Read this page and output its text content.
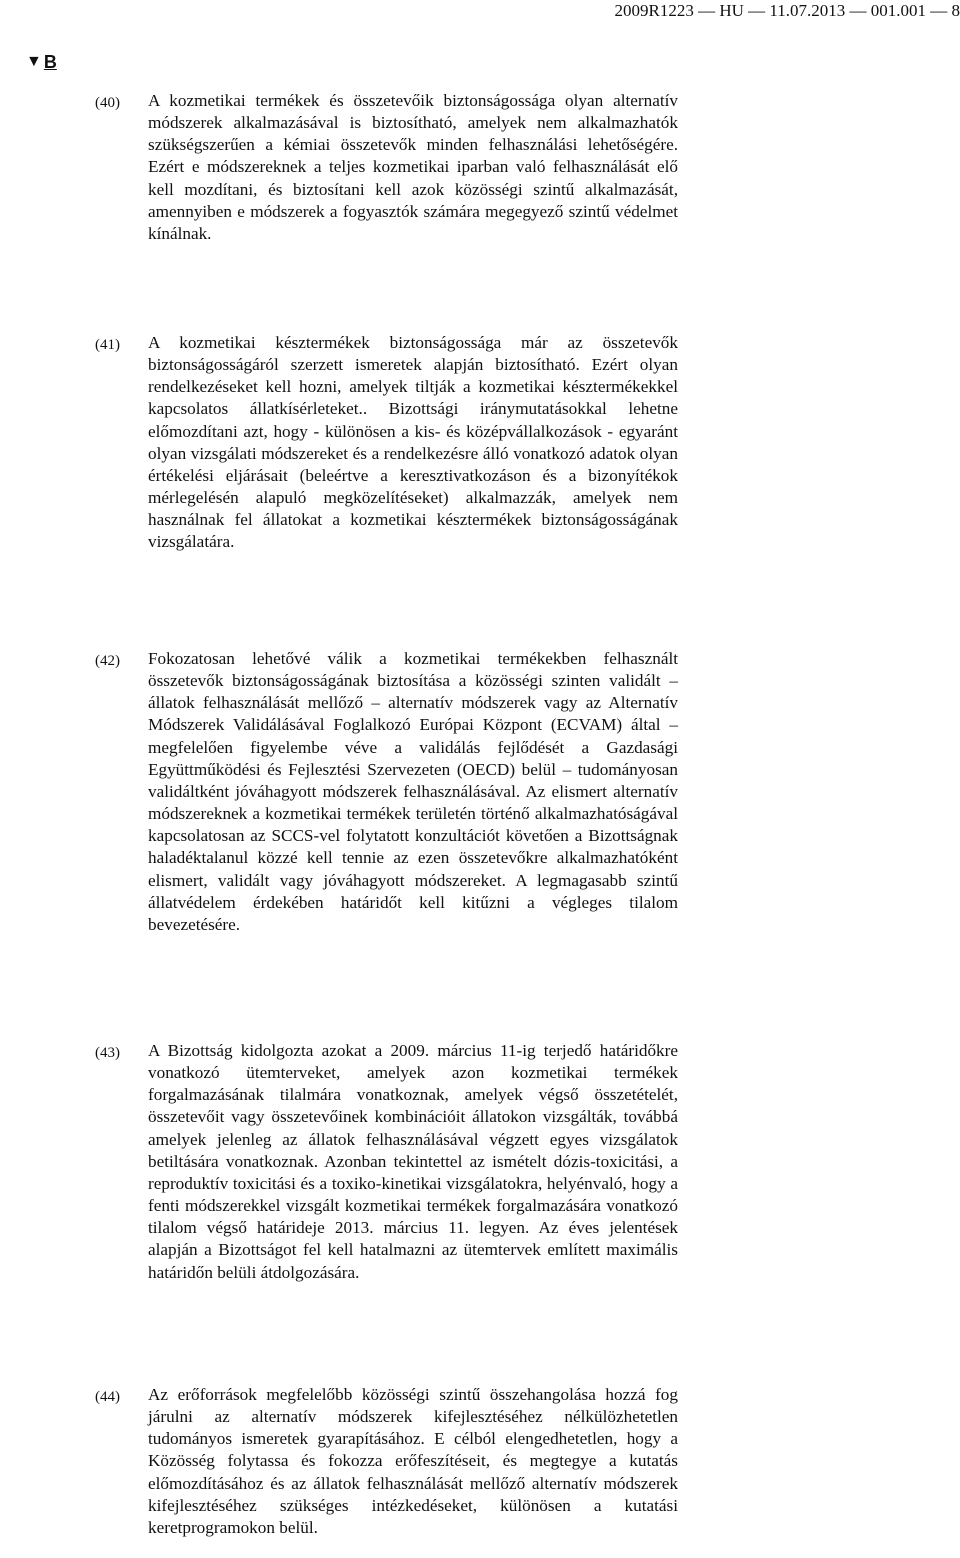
2009R1223 — HU — 11.07.2013 — 001.001 — 8
▼ B
(40) A kozmetikai termékek és összetevőik biztonságossága olyan alternatív módszerek alkalmazásával is biztosítható, amelyek nem alkalmazhatók szükségszerűen a kémiai összetevők minden felhasználási lehetőségére. Ezért e módszereknek a teljes kozmetikai iparban való felhasználását elő kell mozdítani, és biztosítani kell azok közösségi szintű alkalmazását, amennyiben e módszerek a fogyasztók számára megegyező szintű védelmet kínálnak.

(41) A kozmetikai késztermékek biztonságossága már az összetevők biztonságosságáról szerzett ismeretek alapján biztosítható. Ezért olyan rendelkezéseket kell hozni, amelyek tiltják a kozmetikai késztermékekkel kapcsolatos állatkísérleteket.. Bizottsági iránymutatásokkal lehetne előmozdítani azt, hogy - különösen a kis- és középvállalkozások - egyaránt olyan vizsgálati módszereket és a rendelkezésre álló vonatkozó adatok olyan értékelési eljárásait (beleértve a keresztivatkozáson és a bizonyítékok mérlegelésén alapuló megközelítéseket) alkalmazzák, amelyek nem használnak fel állatokat a kozmetikai késztermékek biztonságosságának vizsgálatára.

(42) Fokozatosan lehetővé válik a kozmetikai termékekben felhasznált összetevők biztonságosságának biztosítása a közösségi szinten validált – állatok felhasználását mellőző – alternatív módszerek vagy az Alternatív Módszerek Validálásával Foglalkozó Európai Központ (ECVAM) által – megfelelően figyelembe véve a validálás fejlődését a Gazdasági Együttműködési és Fejlesztési Szervezeten (OECD) belül – tudományosan validáltként jóváhagyott módszerek felhasználásával. Az elismert alternatív módszereknek a kozmetikai termékek területén történő alkalmazhatóságával kapcsolatosan az SCCS-vel folytatott konzultációt követően a Bizottságnak haladéktalanul közzé kell tennie az ezen összetevőkre alkalmazhatóként elismert, validált vagy jóváhagyott módszereket. A legmagasabb szintű állatvédelem érdekében határidőt kell kitűzni a végleges tilalom bevezetésére.

(43) A Bizottság kidolgozta azokat a 2009. március 11-ig terjedő határidőkre vonatkozó ütemterveket, amelyek azon kozmetikai termékek forgalmazásának tilalmára vonatkoznak, amelyek végső összetételét, összetevőit vagy összetevőinek kombinációit állatokon vizsgálták, továbbá amelyek jelenleg az állatok felhasználásával végzett egyes vizsgálatok betiltására vonatkoznak. Azonban tekintettel az ismételt dózis-toxicitási, a reproduktív toxicitási és a toxiko-kinetikai vizsgálatokra, helyénvaló, hogy a fenti módszerekkel vizsgált kozmetikai termékek forgalmazására vonatkozó tilalom végső határideje 2013. március 11. legyen. Az éves jelentések alapján a Bizottságot fel kell hatalmazni az ütemtervek említett maximális határidőn belüli átdolgozására.

(44) Az erőforrások megfelelőbb közösségi szintű összehangolása hozzá fog járulni az alternatív módszerek kifejlesztéséhez nélkülözhetetlen tudományos ismeretek gyarapításához. E célból elengedhetetlen, hogy a Közösség folytassa és fokozza erőfeszítéseit, és megtegye a kutatás előmozdításához és az állatok felhasználását mellőző alternatív módszerek kifejlesztéséhez szükséges intézkedéseket, különösen a kutatási keretprogramokon belül.
